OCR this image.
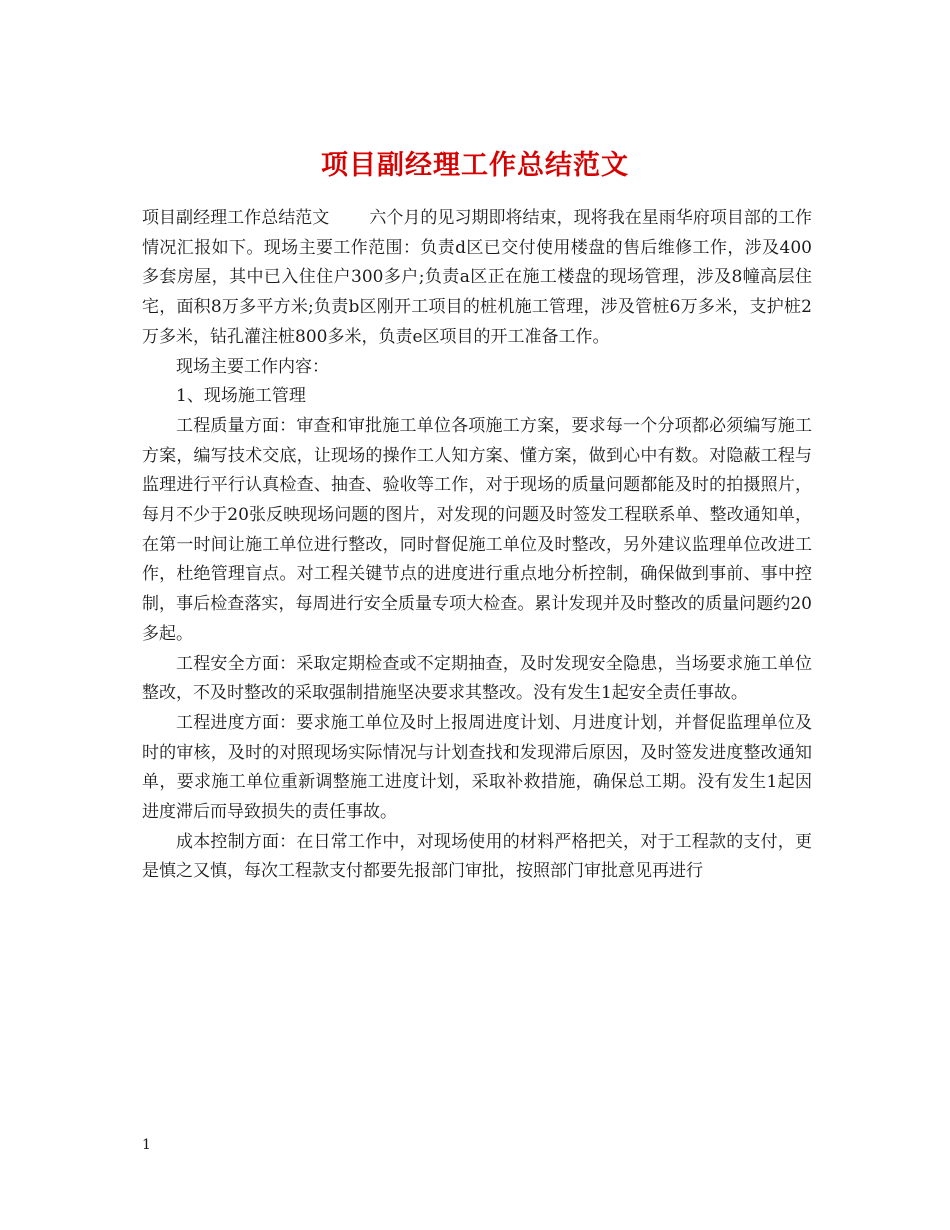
项目副经理工作总结范文

项目副经理工作总结范文 六个月的见习期即将结束，现将我在星雨华府项目部的工作情况汇报如下。现场主要工作范围：负责d区已交付使用楼盘的售后维修工作，涉及400多套房屋，其中已入住住户300多户;负责a区正在施工楼盘的现场管理，涉及8幢高层住宅，面积8万多平方米;负责b区刚开工项目的桩机施工管理，涉及管桩6万多米，支护桩2万多米，钻孔灌注桩800多米，负责e区项目的开工准备工作。

现场主要工作内容：

1、现场施工管理

工程质量方面：审查和审批施工单位各项施工方案，要求每一个分项都必须编写施工方案，编写技术交底，让现场的操作工人知方案、懂方案，做到心中有数。对隐蔽工程与监理进行平行认真检查、抽查、验收等工作，对于现场的质量问题都能及时的拍摄照片，每月不少于20张反映现场问题的图片，对发现的问题及时签发工程联系单、整改通知单，在第一时间让施工单位进行整改，同时督促施工单位及时整改，另外建议监理单位改进工作，杜绝管理盲点。对工程关键节点的进度进行重点地分析控制，确保做到事前、事中控制，事后检查落实，每周进行安全质量专项大检查。累计发现并及时整改的质量问题约20多起。

工程安全方面：采取定期检查或不定期抽查，及时发现安全隐患，当场要求施工单位整改，不及时整改的采取强制措施坚决要求其整改。没有发生1起安全责任事故。

工程进度方面：要求施工单位及时上报周进度计划、月进度计划，并督促监理单位及时的审核，及时的对照现场实际情况与计划查找和发现滞后原因，及时签发进度整改通知单，要求施工单位重新调整施工进度计划，采取补救措施，确保总工期。没有发生1起因进度滞后而导致损失的责任事故。

成本控制方面：在日常工作中，对现场使用的材料严格把关，对于工程款的支付，更是慎之又慎，每次工程款支付都要先报部门审批，按照部门审批意见再进行

1
